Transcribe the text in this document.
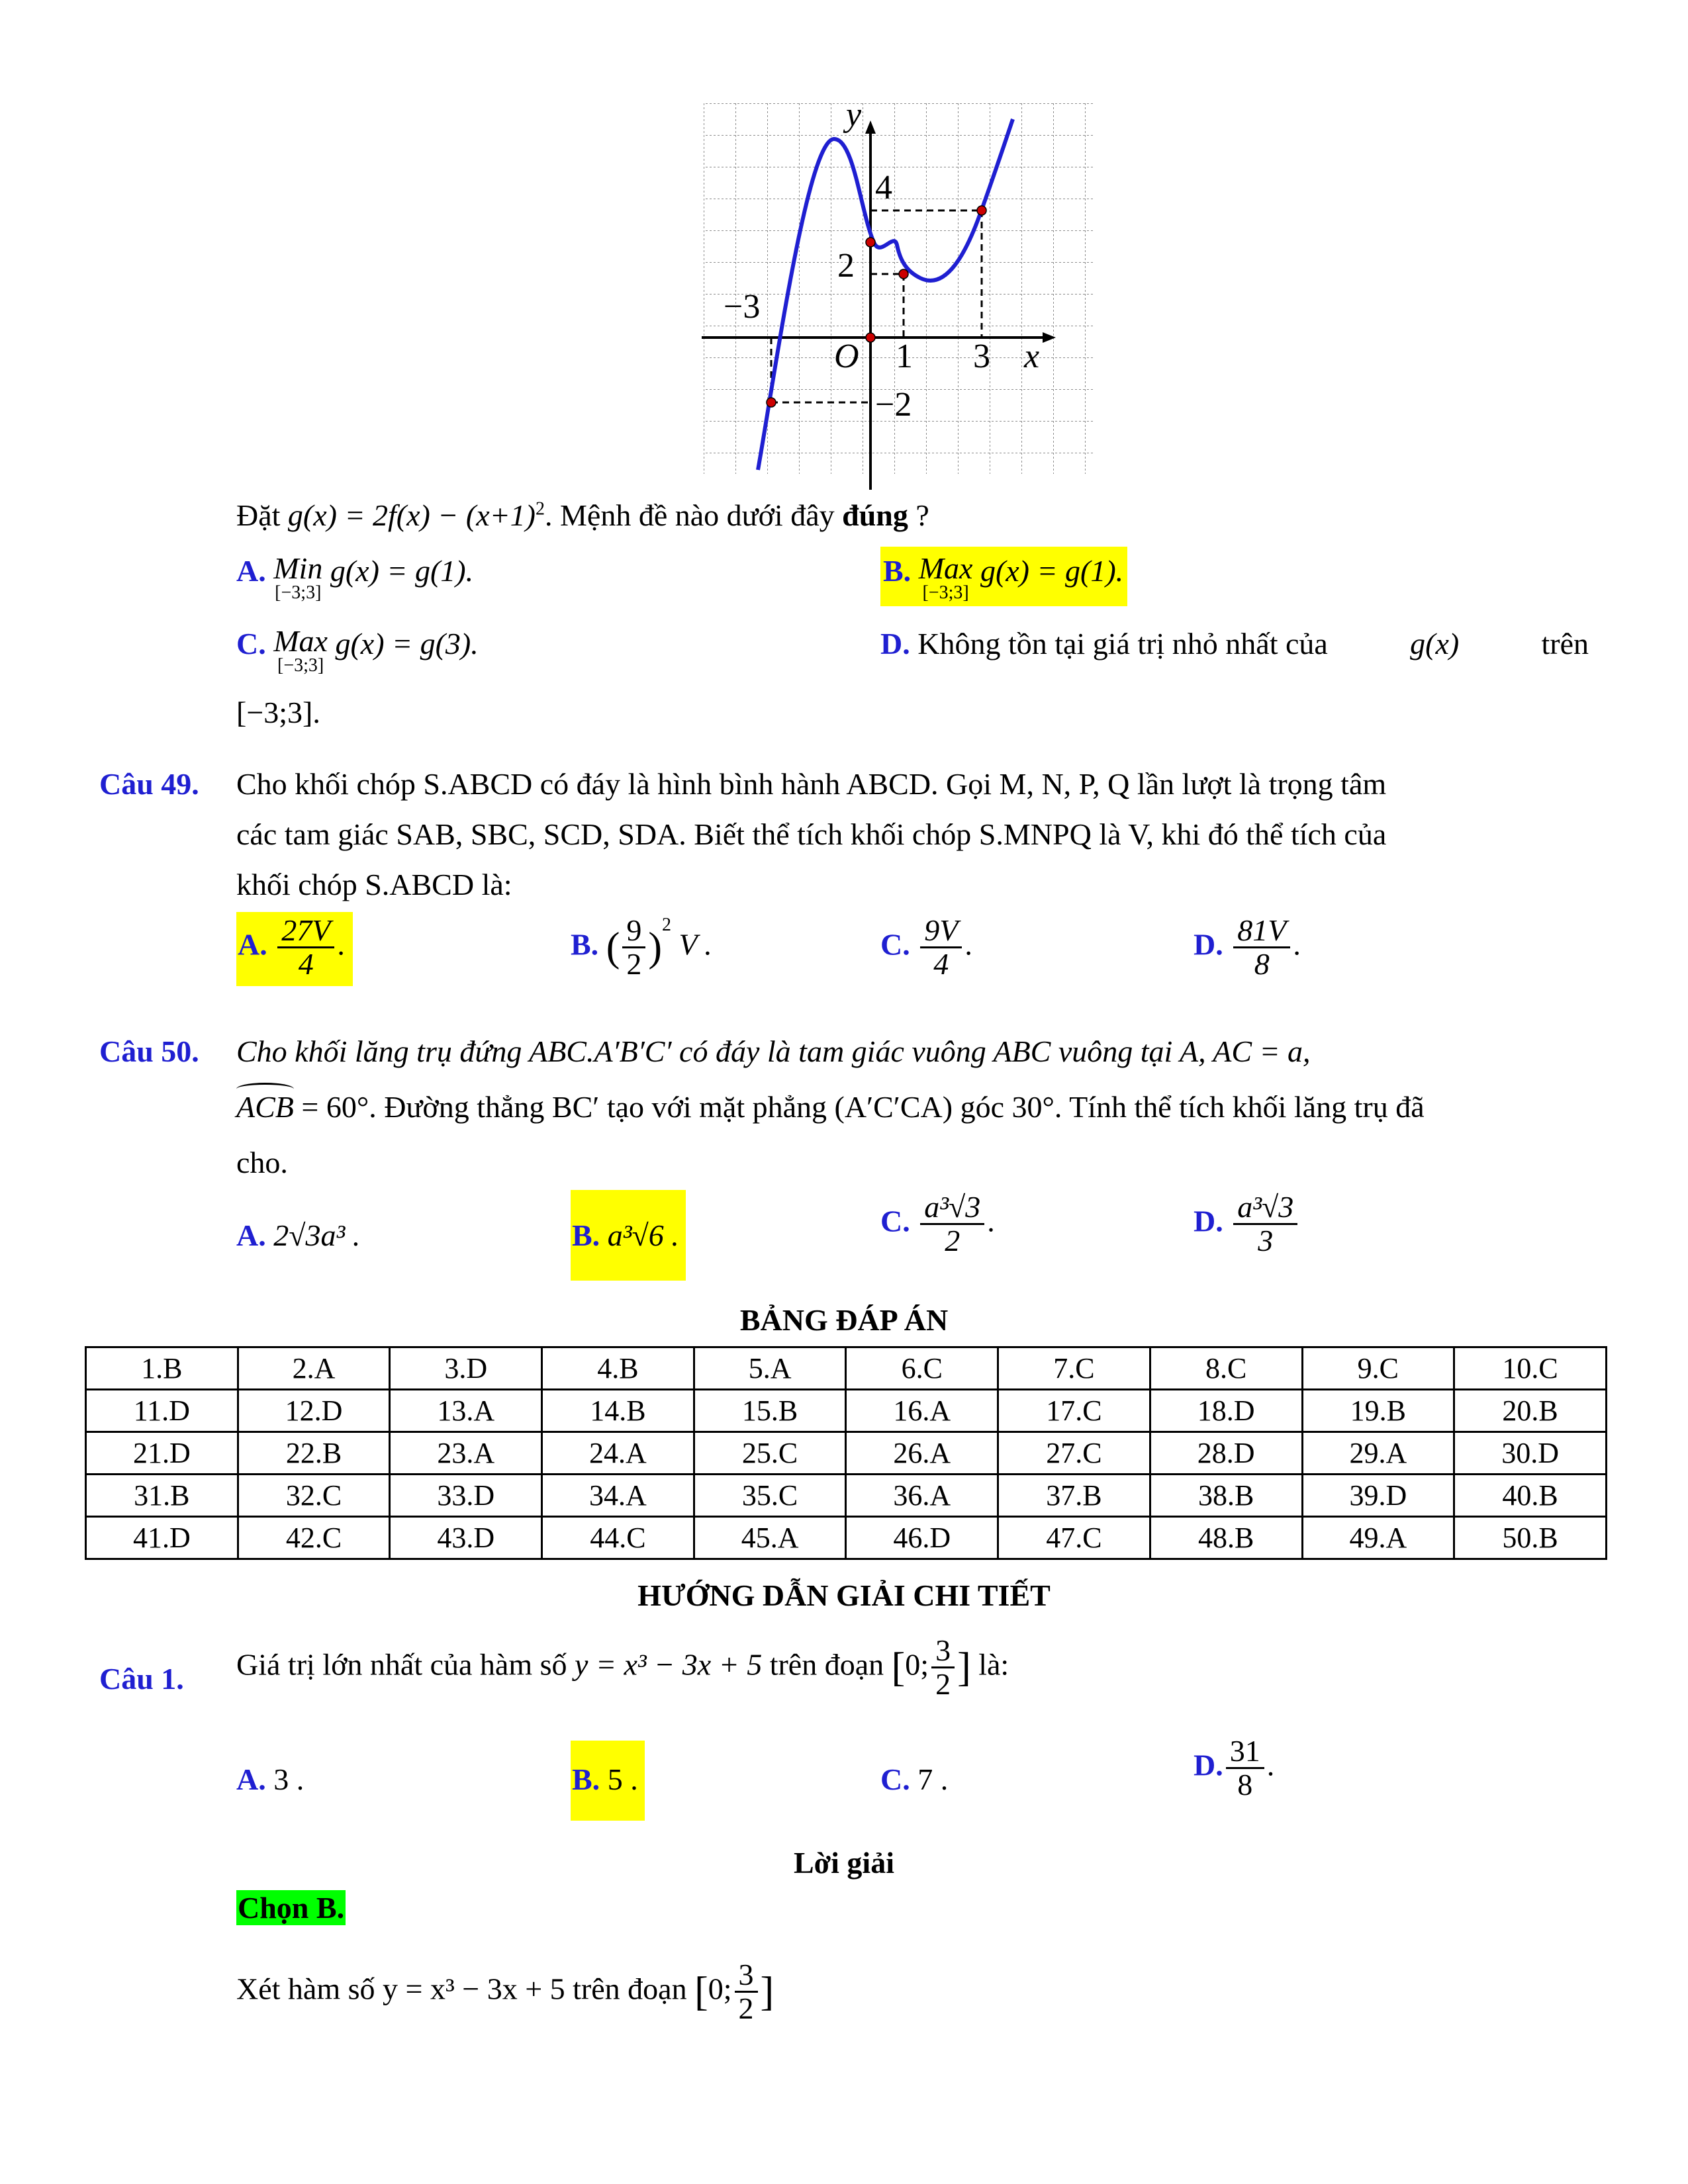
y
x
O
4
2
−3
1 3
−2
Đặt $g(x) = 2f(x) - (x+1)^2$. Mệnh đề nào dưới đây đúng ?
A. Min
[−3;3]
g(x) = g(1).	B. Max
[−3;3]
g(x) = g(1).
C. Max
[−3;3]
g(x) = g(3).	D. Không tồn tại giá trị nhỏ nhất của	g(x)	trên
[−3;3].
Câu 49. Cho khối chóp S.ABCD có đáy là hình bình hành ABCD. Gọi M, N, P, Q lần lượt là trọng tâm
các tam giác SAB, SBC, SCD, SDA. Biết thể tích khối chóp S.MNPQ là V, khi đó thể tích của
khối chóp S.ABCD là:
A. $\frac{27V}{4}$ .	B. ( $\frac{9}{2} )^2$ V .	C. $\frac{9V}{4}$ .	D. $\frac{81V}{8}$ .
Câu 50. Cho khối lăng trụ đứng ABC.A′B′C′ có đáy là tam giác vuông ABC vuông tại A, AC = a,
ACB = 60°. Đường thẳng BC′ tạo với mặt phẳng (A′C′CA) góc 30°. Tính thể tích khối lăng trụ đã
cho.
A. 2√3a³ .	B. a³√6 .	C. $\frac{\text{a³√3}}{2}$ .	D. $\frac{\text{a³√3}}{3}$
BẢNG ĐÁP ÁN
1.B	2.A	3.D	4.B	5.A	6.C	7.C	8.C	9.C	10.C
11.D	12.D	13.A	14.B	15.B	16.A	17.C	18.D	19.B	20.B
21.D	22.B	23.A	24.A	25.C	26.A	27.C	28.D	29.A	30.D
31.B	32.C	33.D	34.A	35.C	36.A	37.B	38.B	39.D	40.B
41.D	42.C	43.D	44.C	45.A	46.D	47.C	48.B	49.A	50.B
HƯỚNG DẪN GIẢI CHI TIẾT
Câu 1. Giá trị lớn nhất của hàm số y = x³ − 3x + 5 trên đoạn [0; $\frac{3}{2}$ ] là:
A. 3 .	B. 5 .	C. 7 .	D. $\frac{31}{8}$ .
Lời giải
Chọn B.
Xét hàm số y = x³ − 3x + 5 trên đoạn [0; $\frac{3}{2}$ ]
